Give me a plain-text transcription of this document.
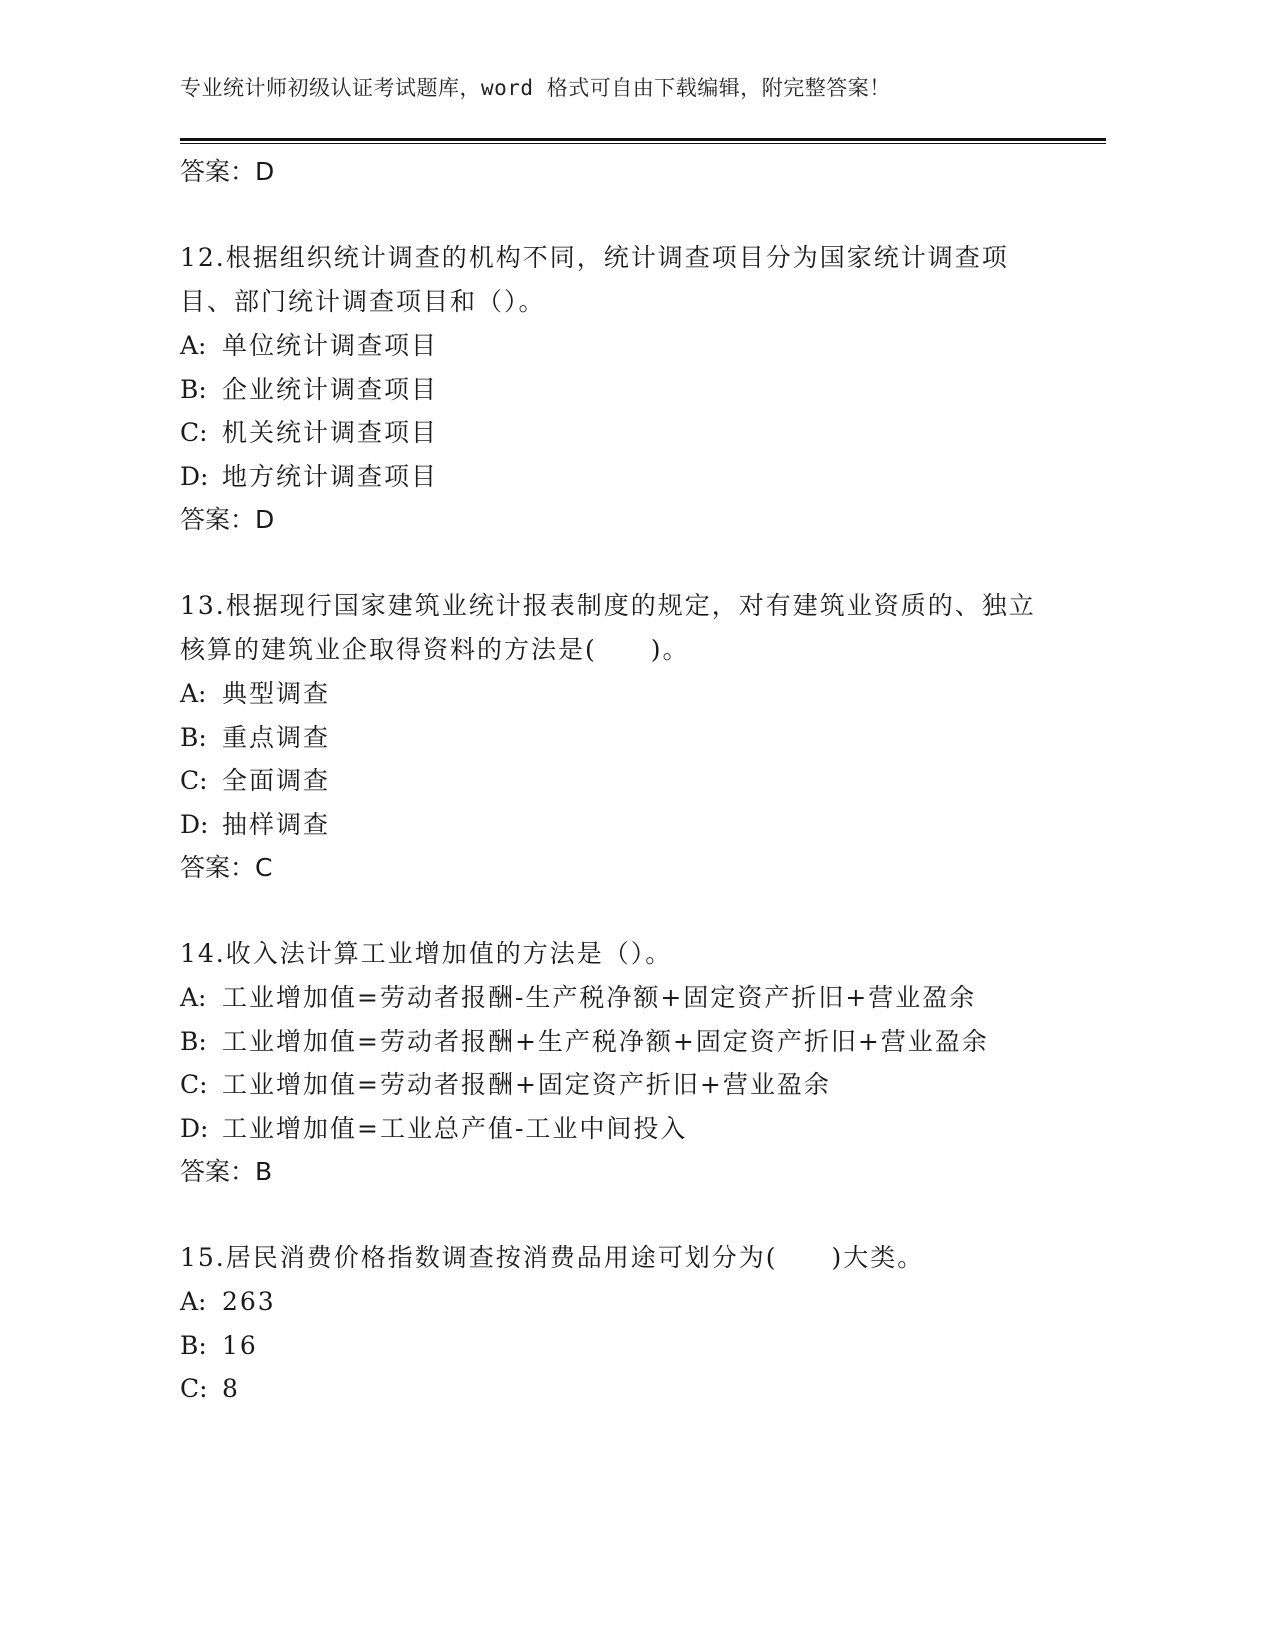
专业统计师初级认证考试题库，word 格式可自由下载编辑，附完整答案！
答案：D
12.根据组织统计调查的机构不同，统计调查项目分为国家统计调查项目、部门统计调查项目和（）。
A: 单位统计调查项目
B: 企业统计调查项目
C: 机关统计调查项目
D: 地方统计调查项目
答案：D
13.根据现行国家建筑业统计报表制度的规定，对有建筑业资质的、独立核算的建筑业企取得资料的方法是(　　)。
A: 典型调查
B: 重点调查
C: 全面调查
D: 抽样调查
答案：C
14.收入法计算工业增加值的方法是（）。
A: 工业增加值=劳动者报酬-生产税净额+固定资产折旧+营业盈余
B: 工业增加值=劳动者报酬+生产税净额+固定资产折旧+营业盈余
C: 工业增加值=劳动者报酬+固定资产折旧+营业盈余
D: 工业增加值=工业总产值-工业中间投入
答案：B
15.居民消费价格指数调查按消费品用途可划分为(　　)大类。
A: 263
B: 16
C: 8
